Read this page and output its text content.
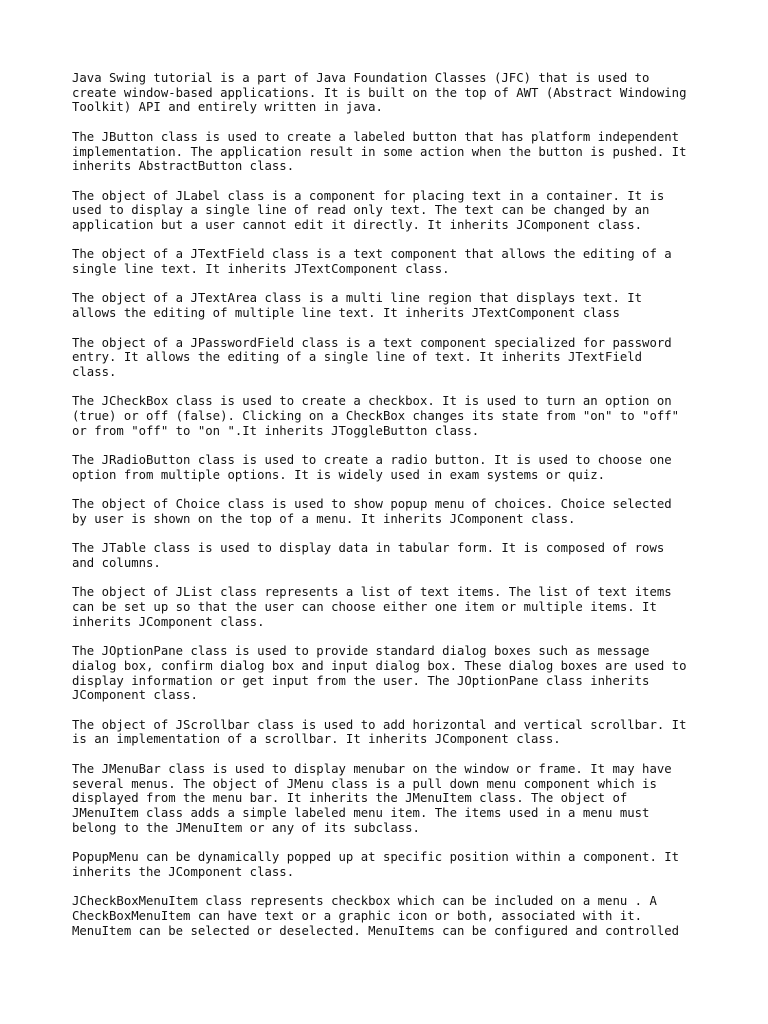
Java Swing tutorial is a part of Java Foundation Classes (JFC) that is used to
create window-based applications. It is built on the top of AWT (Abstract Windowing
Toolkit) API and entirely written in java.

The JButton class is used to create a labeled button that has platform independent
implementation. The application result in some action when the button is pushed. It
inherits AbstractButton class.

The object of JLabel class is a component for placing text in a container. It is
used to display a single line of read only text. The text can be changed by an
application but a user cannot edit it directly. It inherits JComponent class.

The object of a JTextField class is a text component that allows the editing of a
single line text. It inherits JTextComponent class.

The object of a JTextArea class is a multi line region that displays text. It
allows the editing of multiple line text. It inherits JTextComponent class

The object of a JPasswordField class is a text component specialized for password
entry. It allows the editing of a single line of text. It inherits JTextField
class.

The JCheckBox class is used to create a checkbox. It is used to turn an option on
(true) or off (false). Clicking on a CheckBox changes its state from "on" to "off"
or from "off" to "on ".It inherits JToggleButton class.

The JRadioButton class is used to create a radio button. It is used to choose one
option from multiple options. It is widely used in exam systems or quiz.

The object of Choice class is used to show popup menu of choices. Choice selected
by user is shown on the top of a menu. It inherits JComponent class.

The JTable class is used to display data in tabular form. It is composed of rows
and columns.

The object of JList class represents a list of text items. The list of text items
can be set up so that the user can choose either one item or multiple items. It
inherits JComponent class.

The JOptionPane class is used to provide standard dialog boxes such as message
dialog box, confirm dialog box and input dialog box. These dialog boxes are used to
display information or get input from the user. The JOptionPane class inherits
JComponent class.

The object of JScrollbar class is used to add horizontal and vertical scrollbar. It
is an implementation of a scrollbar. It inherits JComponent class.

The JMenuBar class is used to display menubar on the window or frame. It may have
several menus. The object of JMenu class is a pull down menu component which is
displayed from the menu bar. It inherits the JMenuItem class. The object of
JMenuItem class adds a simple labeled menu item. The items used in a menu must
belong to the JMenuItem or any of its subclass.

PopupMenu can be dynamically popped up at specific position within a component. It
inherits the JComponent class.

JCheckBoxMenuItem class represents checkbox which can be included on a menu . A
CheckBoxMenuItem can have text or a graphic icon or both, associated with it.
MenuItem can be selected or deselected. MenuItems can be configured and controlled
